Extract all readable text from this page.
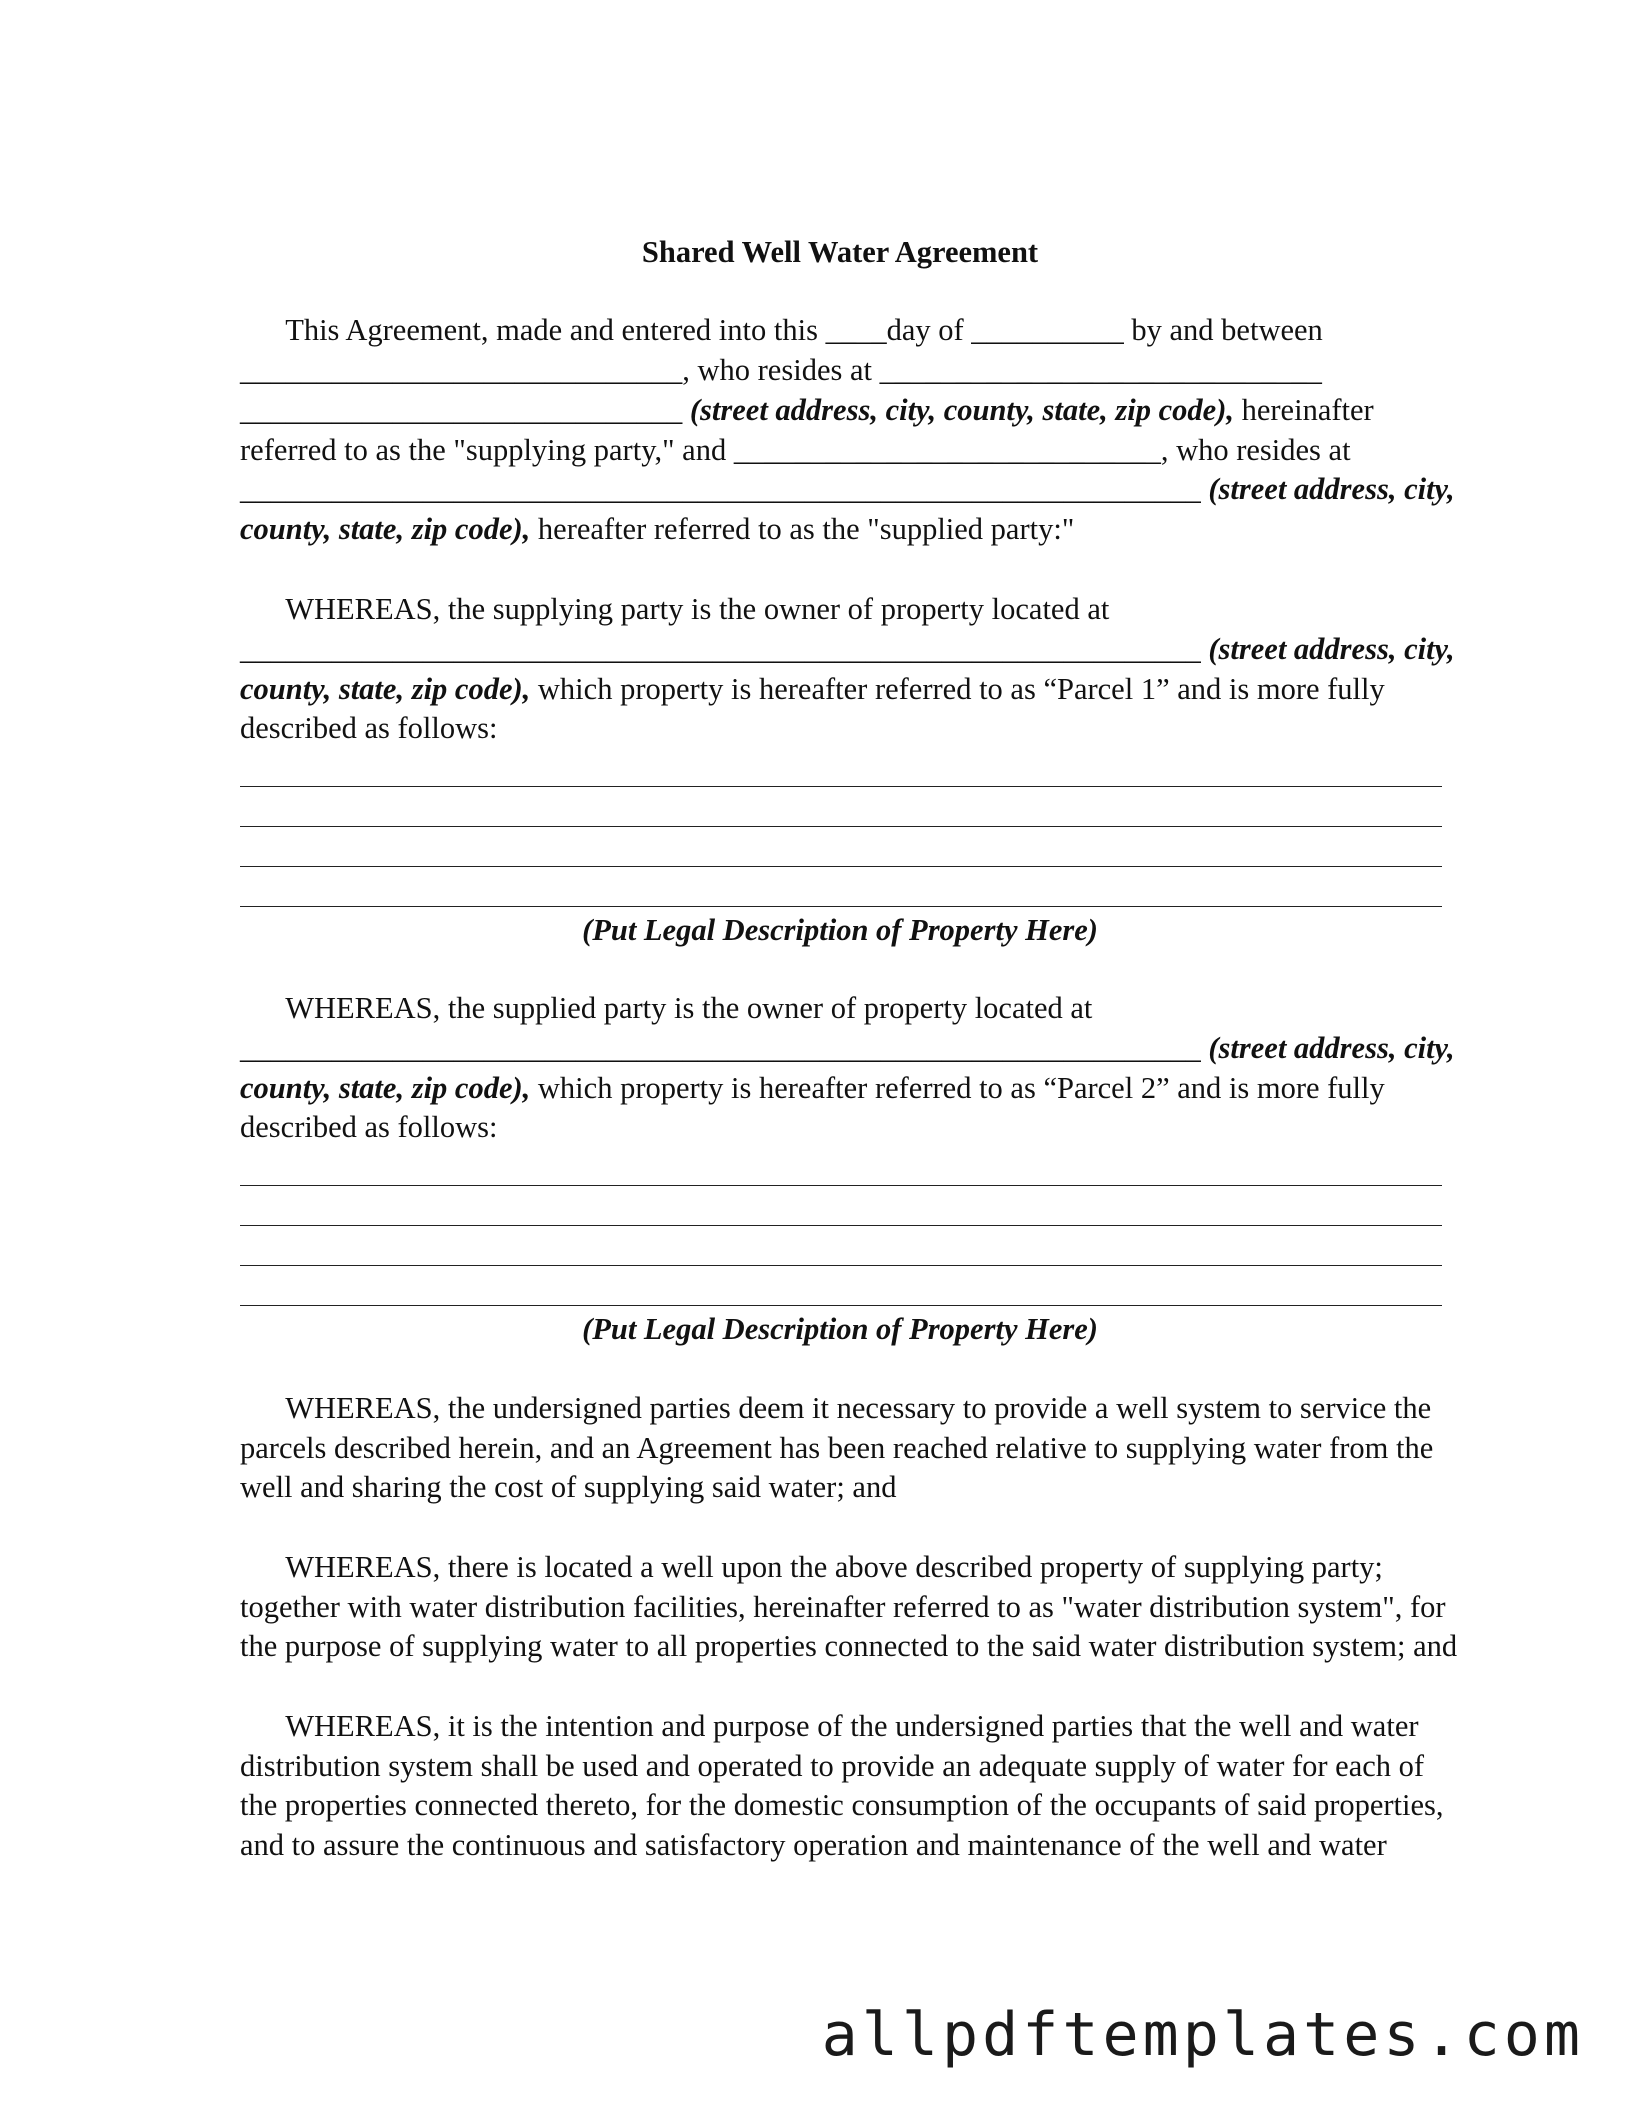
Shared Well Water Agreement
This Agreement, made and entered into this ____day of __________ by and between
_____________________________, who resides at _____________________________
_____________________________ (street address, city, county, state, zip code), hereinafter
referred to as the "supplying party," and ____________________________, who resides at
_______________________________________________________________ (street address, city,
county, state, zip code), hereafter referred to as the "supplied party:"
WHEREAS, the supplying party is the owner of property located at
_______________________________________________________________ (street address, city,
county, state, zip code), which property is hereafter referred to as “Parcel 1” and is more fully
described as follows:
(Put Legal Description of Property Here)
WHEREAS, the supplied party is the owner of property located at
_______________________________________________________________ (street address, city,
county, state, zip code), which property is hereafter referred to as “Parcel 2” and is more fully
described as follows:
(Put Legal Description of Property Here)
WHEREAS, the undersigned parties deem it necessary to provide a well system to service the
parcels described herein, and an Agreement has been reached relative to supplying water from the
well and sharing the cost of supplying said water; and
WHEREAS, there is located a well upon the above described property of supplying party;
together with water distribution facilities, hereinafter referred to as "water distribution system", for
the purpose of supplying water to all properties connected to the said water distribution system; and
WHEREAS, it is the intention and purpose of the undersigned parties that the well and water
distribution system shall be used and operated to provide an adequate supply of water for each of
the properties connected thereto, for the domestic consumption of the occupants of said properties,
and to assure the continuous and satisfactory operation and maintenance of the well and water
allpdftemplates.com
